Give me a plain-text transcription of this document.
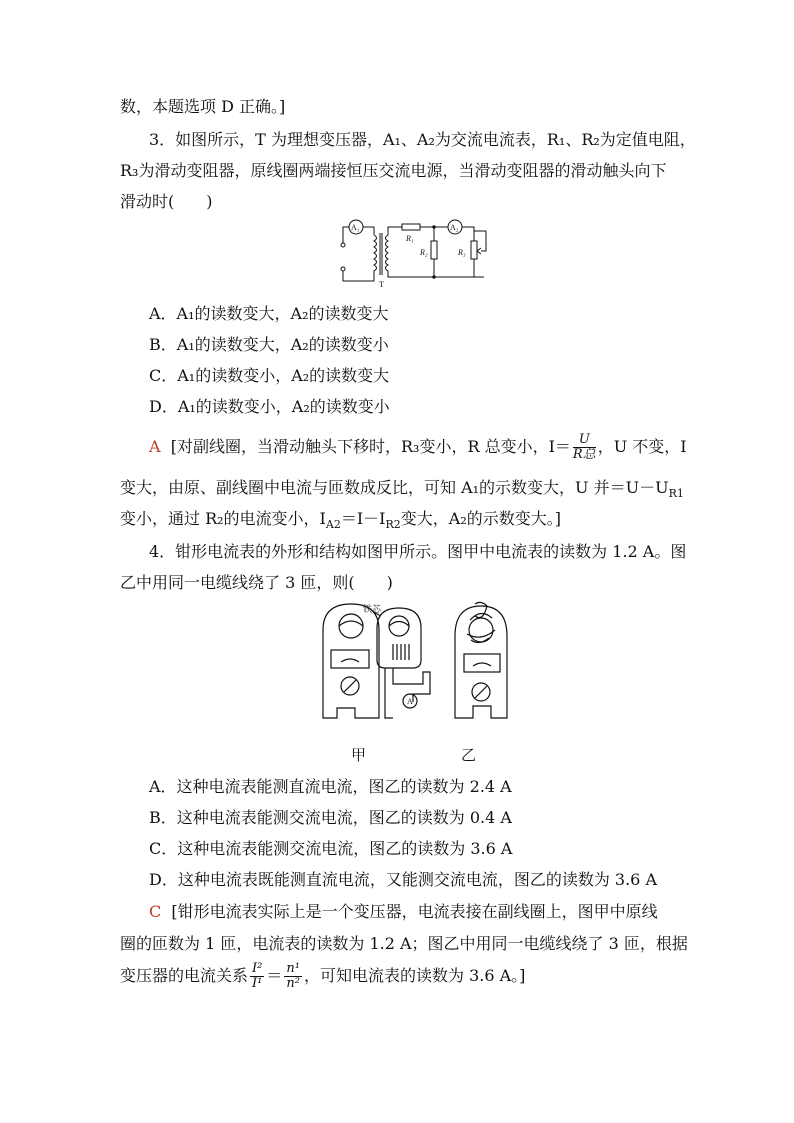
数，本题选项 D 正确。]
3．如图所示，T 为理想变压器，A₁、A₂为交流电流表，R₁、R₂为定值电阻，
R₃为滑动变阻器，原线圈两端接恒压交流电源，当滑动变阻器的滑动触头向下
滑动时(　　)
A₁	A₂
R₁
R₂	R₃
T
A．A₁的读数变大，A₂的读数变大
B．A₁的读数变大，A₂的读数变小
C．A₁的读数变小，A₂的读数变大
D．A₁的读数变小，A₂的读数变小
A [对副线圈，当滑动触头下移时，R₃变小，R 总变小，$I= \frac{U}{\text{R总}}$ ，U 不变，I
变大，由原、副线圈中电流与匝数成反比，可知 A₁的示数变大，U 并$=U-U_{R1}$
变小，通过 R₂的电流变小，$I_{A2}=I-I_{R2}$变大，A₂的示数变大。]
4．钳形电流表的外形和结构如图甲所示。图甲中电流表的读数为 1.2 A。图
乙中用同一电缆线绕了 3 匝，则(　　)
铁芯
A
甲	乙
A．这种电流表能测直流电流，图乙的读数为 2.4 A
B．这种电流表能测交流电流，图乙的读数为 0.4 A
C．这种电流表能测交流电流，图乙的读数为 3.6 A
D．这种电流表既能测直流电流，又能测交流电流，图乙的读数为 3.6 A
C [钳形电流表实际上是一个变压器，电流表接在副线圈上，图甲中原线
圈的匝数为 1 匝，电流表的读数为 1.2 A；图乙中用同一电缆线绕了 3 匝，根据
变压器的电流关系 $\frac{\text{I²}}{\text{I¹}} = \frac{\text{n¹}}{\text{n²}}$ ，可知电流表的读数为 3.6 A。]
